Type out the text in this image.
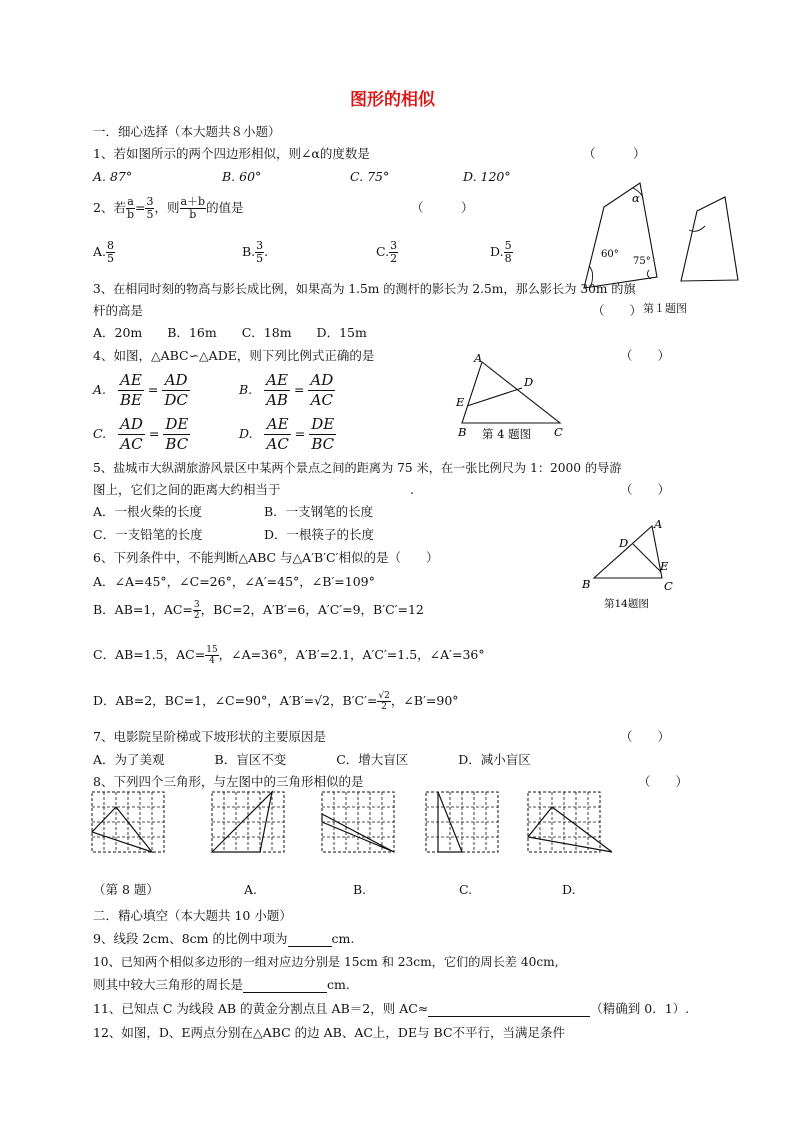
图形的相似
一．细心选择（本大题共８小题）
1、若如图所示的两个四边形相似，则∠α的度数是	（　　　）
A. 87°	B. 60°	C. 75°	D. 120°
α
60°
75°
第１题图
2、若 $\frac{a}{b} = \frac{3}{5}$ ，则 $\frac{a+b}{b}$ 的值是	（　　　）
A. $\frac{8}{5}$	B. $\frac{3}{5}$ .	C. $\frac{3}{2}$	D. $\frac{5}{8}$
3、在相同时刻的物高与影长成比例，如果高为 1.5m 的测杆的影长为 2.5m，那么影长为 30m 的旗
杆的高是	（　　）
A．20m　　B．16m　　C．18m　　D．15m
4、如图，△ABC∽△ADE，则下列比例式正确的是	（　　）
A. $\frac{AE}{BE} = \frac{AD}{DC}$	B. $\frac{AE}{AB} = \frac{AD}{AC}$
C. $\frac{AD}{AC} = \frac{DE}{BC}$	D. $\frac{AE}{AC} = \frac{DE}{BC}$
A
D
E
B	C
第 4 题图
5、盐城市大纵湖旅游风景区中某两个景点之间的距离为 75 米，在一张比例尺为 1：2000 的导游
图上，它们之间的距离大约相当于	.	（　　）
A．一根火柴的长度	B．一支钢笔的长度
C．一支铅笔的长度	D．一根筷子的长度
6、下列条件中，不能判断△ABC 与△A′B′C′相似的是（　　）
A．∠A=45°，∠C=26°，∠A′=45°，∠B′=109°
B．AB=1，$AC= \frac{3}{2}$ ，BC=2，A′B′=6，A′C′=9，B′C′=12
C．AB=1.5，$AC= \frac{15}{4}$ ，∠A=36°，A′B′=2.1，A′C′=1.5，∠A′=36°
D．AB=2，BC=1，∠C=90°，A′B′=√2，$B'C'= \frac{√2}{2}$ ，∠B′=90°
A
D
E
B	C
第14题图
7、电影院呈阶梯或下坡形状的主要原因是	（　　）
A．为了美观　　　　B．盲区不变　　　　C．增大盲区　　　　D．减小盲区
8、下列四个三角形，与左图中的三角形相似的是	（　　）
（第 8 题）	A.	B.	C.	D.
二．精心填空（本大题共 10 小题）
9、线段 2cm、8cm 的比例中项为	cm.
10、已知两个相似多边形的一组对应边分别是 15cm 和 23cm，它们的周长差 40cm,
则其中较大三角形的周长是	cm.
11、已知点 C 为线段 AB 的黄金分割点且 AB＝2，则 AC≈	（精确到 0．1）.
12、如图，D、E两点分别在△ABC 的边 AB、AC上，DE与 BC不平行，当满足条件
